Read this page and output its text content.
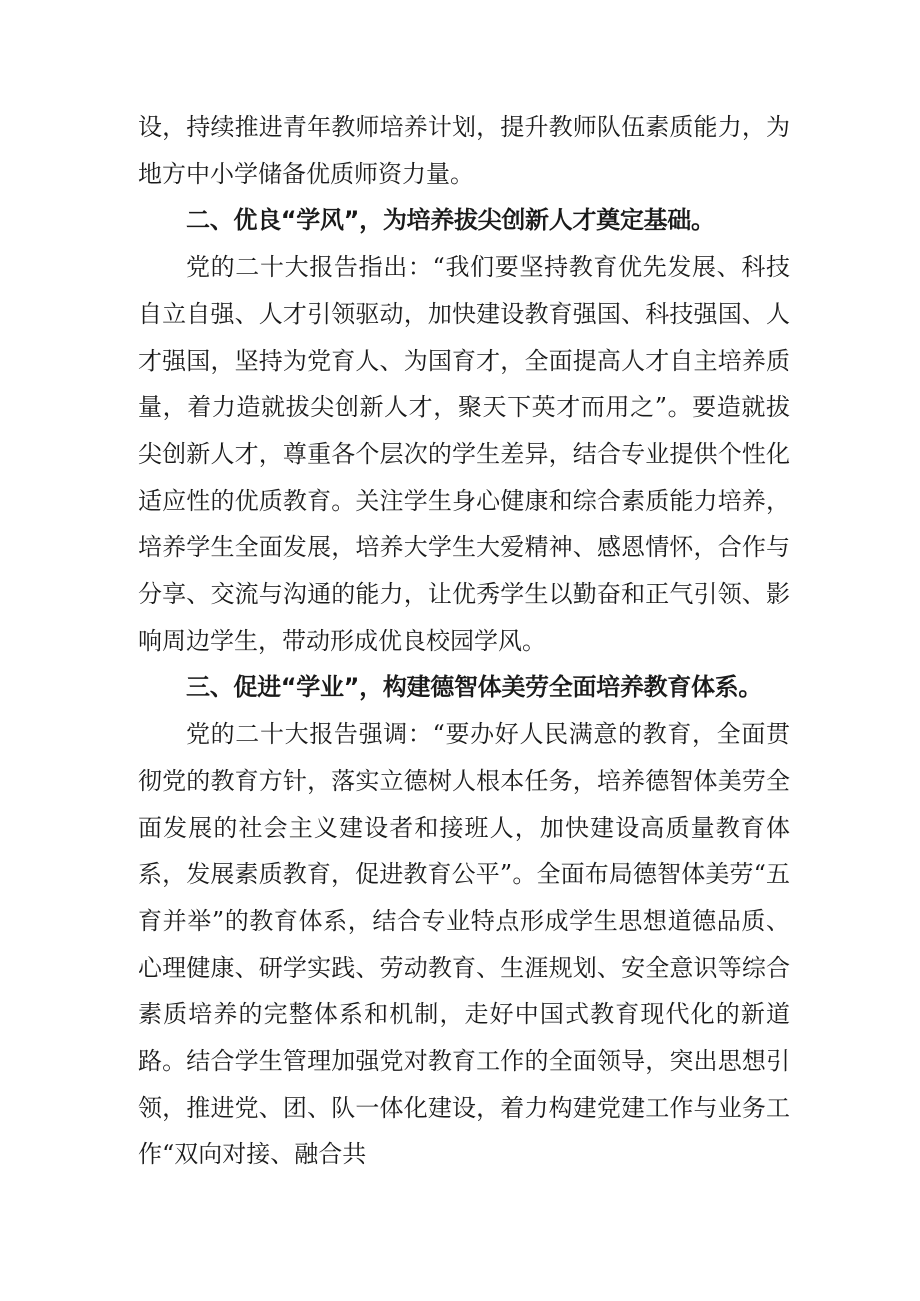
设，持续推进青年教师培养计划，提升教师队伍素质能力，为地方中小学储备优质师资力量。

二、优良“学风”，为培养拔尖创新人才奠定基础。

党的二十大报告指出：“我们要坚持教育优先发展、科技自立自强、人才引领驱动，加快建设教育强国、科技强国、人才强国，坚持为党育人、为国育才，全面提高人才自主培养质量，着力造就拔尖创新人才，聚天下英才而用之”。要造就拔尖创新人才，尊重各个层次的学生差异，结合专业提供个性化适应性的优质教育。关注学生身心健康和综合素质能力培养，培养学生全面发展，培养大学生大爱精神、感恩情怀，合作与分享、交流与沟通的能力，让优秀学生以勤奋和正气引领、影响周边学生，带动形成优良校园学风。

三、促进“学业”，构建德智体美劳全面培养教育体系。

党的二十大报告强调：“要办好人民满意的教育，全面贯彻党的教育方针，落实立德树人根本任务，培养德智体美劳全面发展的社会主义建设者和接班人，加快建设高质量教育体系，发展素质教育，促进教育公平”。全面布局德智体美劳“五育并举”的教育体系，结合专业特点形成学生思想道德品质、心理健康、研学实践、劳动教育、生涯规划、安全意识等综合素质培养的完整体系和机制，走好中国式教育现代化的新道路。结合学生管理加强党对教育工作的全面领导，突出思想引领，推进党、团、队一体化建设，着力构建党建工作与业务工作“双向对接、融合共
